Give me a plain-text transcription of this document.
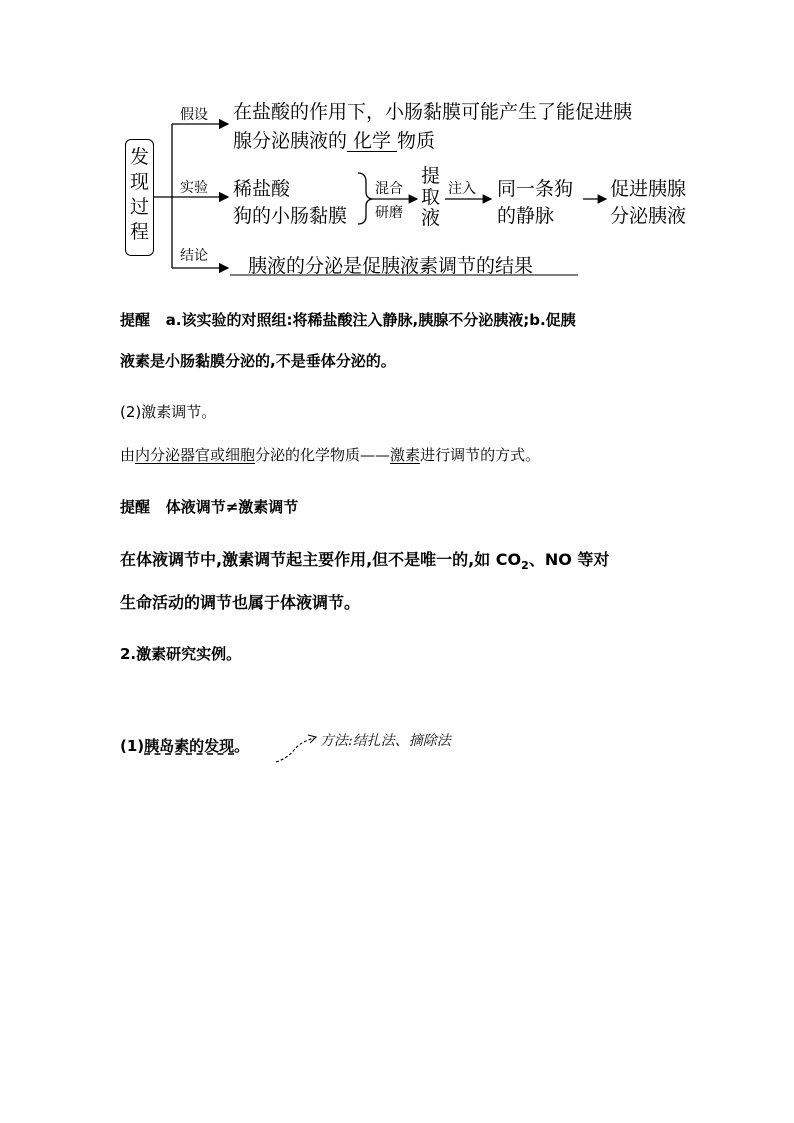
发
现
过
程
假设
实验
结论
在盐酸的作用下，小肠黏膜可能产生了能促进胰
腺分泌胰液的 化学 物质
稀盐酸
狗的小肠黏膜
混合
研磨
提
取
液
注入 同一条狗
的静脉
促进胰腺
分泌胰液
胰液的分泌是促胰液素调节的结果
提醒 a.该实验的对照组:将稀盐酸注入静脉,胰腺不分泌胰液;b.促胰
液素是小肠黏膜分泌的,不是垂体分泌的。
(2)激素调节。
由内分泌器官或细胞分泌的化学物质——激素进行调节的方式。
提醒 体液调节≠激素调节
在体液调节中,激素调节起主要作用,但不是唯一的,如 $CO_2$、NO 等对
生命活动的调节也属于体液调节。
2.激素研究实例。
(1)胰岛素的发现。	方法:结扎法、摘除法
